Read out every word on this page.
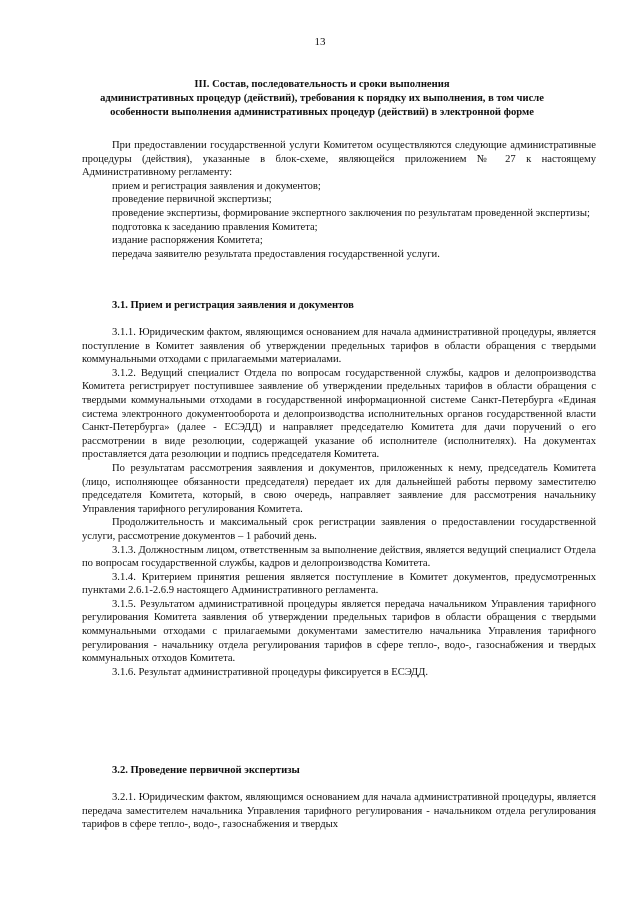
13
III. Состав, последовательность и сроки выполнения
административных процедур (действий), требования к порядку их выполнения, в том числе
особенности выполнения административных процедур (действий) в электронной форме

При предоставлении государственной услуги Комитетом осуществляются следующие административные процедуры (действия), указанные в блок-схеме, являющейся приложением № 27 к настоящему Административному регламенту:

прием и регистрация заявления и документов;

проведение первичной экспертизы;

проведение экспертизы, формирование экспертного заключения по результатам проведенной экспертизы;

подготовка к заседанию правления Комитета;

издание распоряжения Комитета;

передача заявителю результата предоставления государственной услуги.

3.1. Прием и регистрация заявления и документов

3.1.1. Юридическим фактом, являющимся основанием для начала административной процедуры, является поступление в Комитет заявления об утверждении предельных тарифов в области обращения с твердыми коммунальными отходами с прилагаемыми материалами.

3.1.2. Ведущий специалист Отдела по вопросам государственной службы, кадров и делопроизводства Комитета регистрирует поступившее заявление об утверждении предельных тарифов в области обращения с твердыми коммунальными отходами в государственной информационной системе Санкт-Петербурга «Единая система электронного документооборота и делопроизводства исполнительных органов государственной власти Санкт-Петербурга» (далее - ЕСЭДД) и направляет председателю Комитета для дачи поручений о его рассмотрении в виде резолюции, содержащей указание об исполнителе (исполнителях). На документах проставляется дата резолюции и подпись председателя Комитета.

По результатам рассмотрения заявления и документов, приложенных к нему, председатель Комитета (лицо, исполняющее обязанности председателя) передает их для дальнейшей работы первому заместителю председателя Комитета, который, в свою очередь, направляет заявление для рассмотрения начальнику Управления тарифного регулирования Комитета.

Продолжительность и максимальный срок регистрации заявления о предоставлении государственной услуги, рассмотрение документов – 1 рабочий день.

3.1.3. Должностным лицом, ответственным за выполнение действия, является ведущий специалист Отдела по вопросам государственной службы, кадров и делопроизводства Комитета.

3.1.4. Критерием принятия решения является поступление в Комитет документов, предусмотренных пунктами 2.6.1-2.6.9 настоящего Административного регламента.

3.1.5. Результатом административной процедуры является передача начальником Управления тарифного регулирования Комитета заявления об утверждении предельных тарифов в области обращения с твердыми коммунальными отходами с прилагаемыми документами заместителю начальника Управления тарифного регулирования - начальнику отдела регулирования тарифов в сфере тепло-, водо-, газоснабжения и твердых коммунальных отходов Комитета.

3.1.6. Результат административной процедуры фиксируется в ЕСЭДД.

3.2. Проведение первичной экспертизы

3.2.1. Юридическим фактом, являющимся основанием для начала административной процедуры, является передача заместителем начальника Управления тарифного регулирования - начальником отдела регулирования тарифов в сфере тепло-, водо-, газоснабжения и твердых
